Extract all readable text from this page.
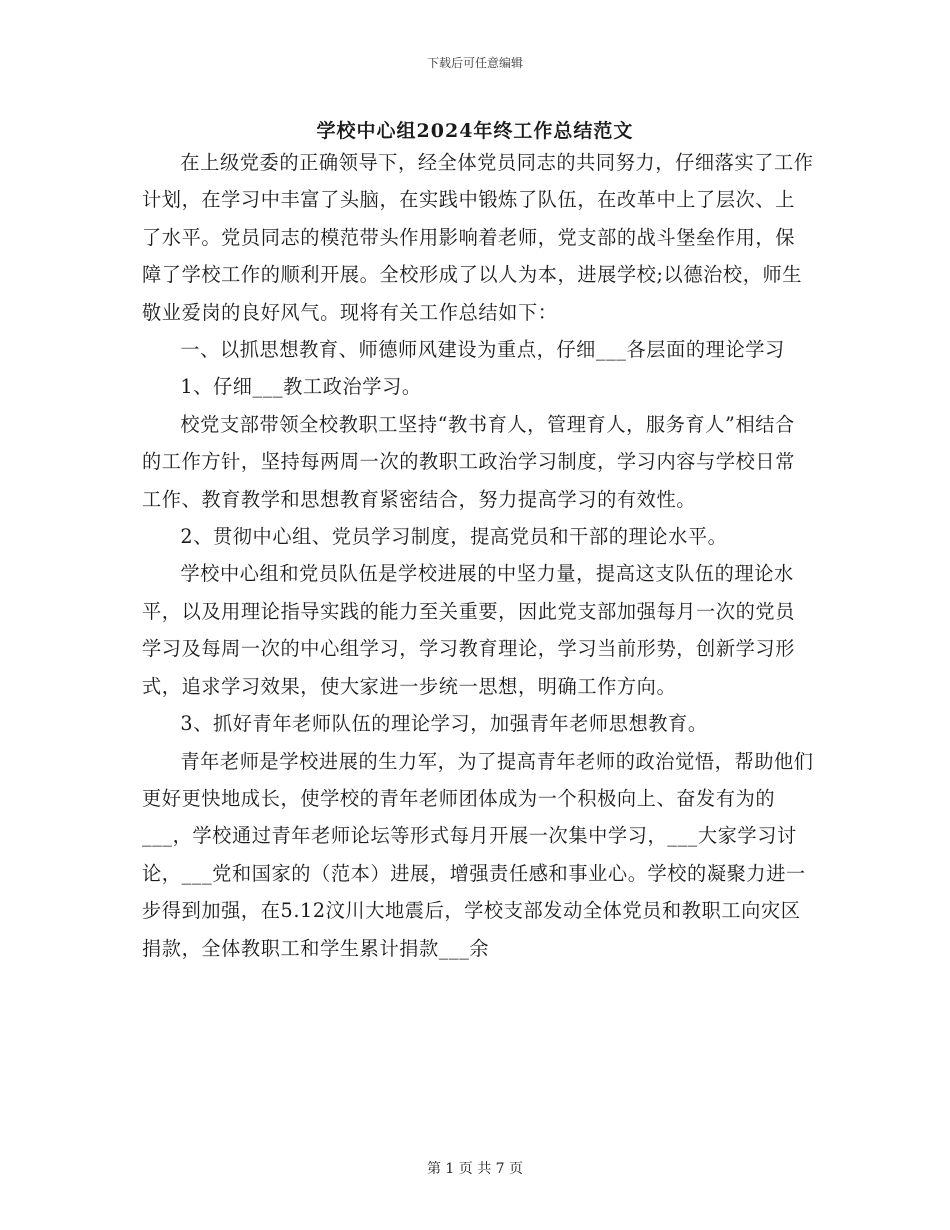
下载后可任意编辑
学校中心组2024年终工作总结范文

在上级党委的正确领导下，经全体党员同志的共同努力，仔细落实了工作计划，在学习中丰富了头脑，在实践中锻炼了队伍，在改革中上了层次、上了水平。党员同志的模范带头作用影响着老师，党支部的战斗堡垒作用，保障了学校工作的顺利开展。全校形成了以人为本，进展学校;以德治校，师生敬业爱岗的良好风气。现将有关工作总结如下：

一、以抓思想教育、师德师风建设为重点，仔细___各层面的理论学习

1、仔细___教工政治学习。

校党支部带领全校教职工坚持“教书育人，管理育人，服务育人”相结合的工作方针，坚持每两周一次的教职工政治学习制度，学习内容与学校日常工作、教育教学和思想教育紧密结合，努力提高学习的有效性。

2、贯彻中心组、党员学习制度，提高党员和干部的理论水平。

学校中心组和党员队伍是学校进展的中坚力量，提高这支队伍的理论水平，以及用理论指导实践的能力至关重要，因此党支部加强每月一次的党员学习及每周一次的中心组学习，学习教育理论，学习当前形势，创新学习形式，追求学习效果，使大家进一步统一思想，明确工作方向。

3、抓好青年老师队伍的理论学习，加强青年老师思想教育。

青年老师是学校进展的生力军，为了提高青年老师的政治觉悟，帮助他们更好更快地成长，使学校的青年老师团体成为一个积极向上、奋发有为的___，学校通过青年老师论坛等形式每月开展一次集中学习，___大家学习讨论，___党和国家的（范本）进展，增强责任感和事业心。学校的凝聚力进一步得到加强，在5.12汶川大地震后，学校支部发动全体党员和教职工向灾区捐款，全体教职工和学生累计捐款___余

第 1 页 共 7 页
